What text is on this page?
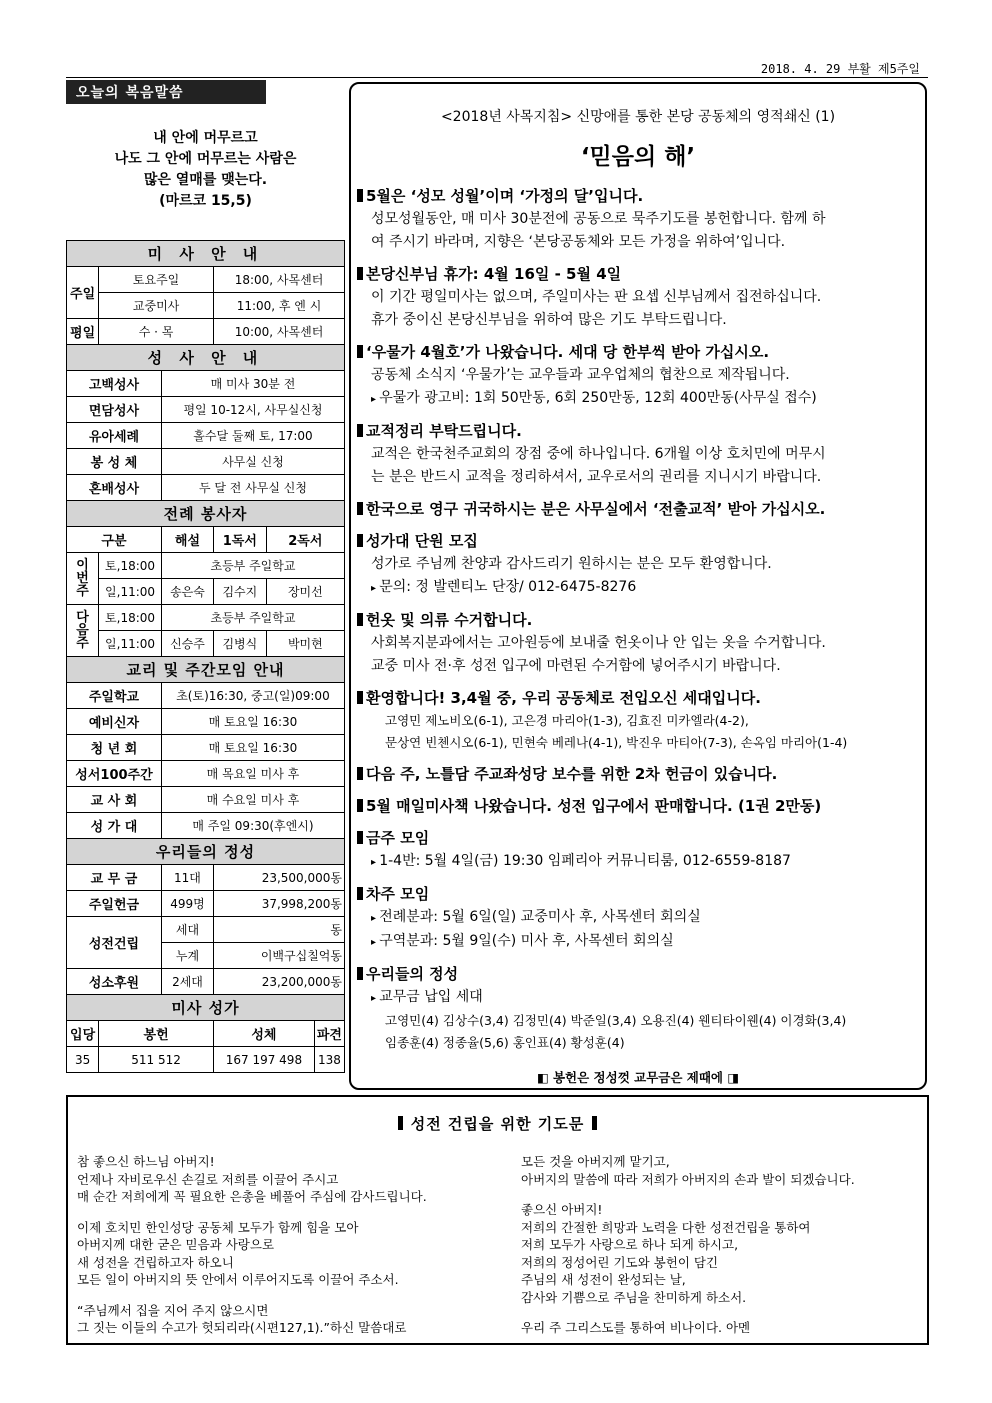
2018. 4. 29 부활 제5주일
오늘의 복음말씀
내 안에 머무르고
나도 그 안에 머무르는 사람은
많은 열매를 맺는다.
(마르코 15,5)
미 사 안 내					
주일	토요주일		18:00, 사목센터		
	교중미사		11:00, 후 엔 시		
평일	수 · 목		10:00, 사목센터		
성 사 안 내					
고백성사		매 미사 30분 전			
면담성사		평일 10-12시, 사무실신청			
유아세례		홀수달 둘째 토, 17:00			
봉 성 체		사무실 신청			
혼배성사		두 달 전 사무실 신청			
전례 봉사자					
구분		해설	1독서	2독서	

이
번
주	토,18:00	초등부 주일학교			
	일,11:00	송은숙	김수지	장미선	

다
음
주	토,18:00	초등부 주일학교			
	일,11:00	신승주	김병식	박미현	
교리 및 주간모임 안내					
주일학교		초(토)16:30, 중고(일)09:00			
예비신자		매 토요일 16:30			
청 년 회		매 토요일 16:30			
성서100주간		매 목요일 미사 후			
교 사 회		매 수요일 미사 후			
성 가 대		매 주일 09:30(후엔시)			
우리들의 정성					
교 무 금		11대	23,500,000동		
주일헌금		499명	37,998,200동		
성전건립		세대	동		
		누계	이백구십칠억동		
성소후원		2세대	23,200,000동		
미사 성가					
입당	봉헌		성체		파견
35	511 512		167 197 498		138
<2018년 사목지침> 신망애를 통한 본당 공동체의 영적쇄신 (1)
‘믿음의 해’
5월은 ‘성모 성월’이며 ‘가정의 달’입니다.
성모성월동안, 매 미사 30분전에 공동으로 묵주기도를 봉헌합니다. 함께 하
여 주시기 바라며, 지향은 ‘본당공동체와 모든 가정을 위하여’입니다.
본당신부님 휴가: 4월 16일 - 5월 4일
이 기간 평일미사는 없으며, 주일미사는 판 요셉 신부님께서 집전하십니다.
휴가 중이신 본당신부님을 위하여 많은 기도 부탁드립니다.
‘우물가 4월호’가 나왔습니다. 세대 당 한부씩 받아 가십시오.
공동체 소식지 ‘우물가’는 교우들과 교우업체의 협찬으로 제작됩니다.
▸ 우물가 광고비: 1회 50만동, 6회 250만동, 12회 400만동(사무실 접수)
교적정리 부탁드립니다.
교적은 한국천주교회의 장점 중에 하나입니다. 6개월 이상 호치민에 머무시
는 분은 반드시 교적을 정리하셔서, 교우로서의 권리를 지니시기 바랍니다.
한국으로 영구 귀국하시는 분은 사무실에서 ‘전출교적’ 받아 가십시오.
성가대 단원 모집
성가로 주님께 찬양과 감사드리기 원하시는 분은 모두 환영합니다.
▸ 문의: 정 발렌티노 단장/ 012-6475-8276
헌옷 및 의류 수거합니다.
사회복지분과에서는 고아원등에 보내줄 헌옷이나 안 입는 옷을 수거합니다.
교중 미사 전·후 성전 입구에 마련된 수거함에 넣어주시기 바랍니다.
환영합니다! 3,4월 중, 우리 공동체로 전입오신 세대입니다.
고영민 제노비오(6-1), 고은경 마리아(1-3), 김효진 미카엘라(4-2),
문상연 빈첸시오(6-1), 민현숙 베레나(4-1), 박진우 마티아(7-3), 손옥임 마리아(1-4)
다음 주, 노틀담 주교좌성당 보수를 위한 2차 헌금이 있습니다.
5월 매일미사책 나왔습니다. 성전 입구에서 판매합니다. (1권 2만동)
금주 모임
▸ 1-4반: 5월 4일(금) 19:30 임페리아 커뮤니티룸, 012-6559-8187
차주 모임
▸ 전례분과: 5월 6일(일) 교중미사 후, 사목센터 회의실
▸ 구역분과: 5월 9일(수) 미사 후, 사목센터 회의실
우리들의 정성
▸ 교무금 납입 세대
고영민(4) 김상수(3,4) 김정민(4) 박준일(3,4) 오용진(4) 웬티타이웬(4) 이경화(3,4)
임종훈(4) 정종율(5,6) 홍인표(4) 황성훈(4)
◧ 봉헌은 정성껏 교무금은 제때에 ◨
성전 건립을 위한 기도문
참 좋으신 하느님 아버지!
언제나 자비로우신 손길로 저희를 이끌어 주시고
매 순간 저희에게 꼭 필요한 은총을 베풀어 주심에 감사드립니다.
이제 호치민 한인성당 공동체 모두가 함께 힘을 모아
아버지께 대한 굳은 믿음과 사랑으로
새 성전을 건립하고자 하오니
모든 일이 아버지의 뜻 안에서 이루어지도록 이끌어 주소서.
“주님께서 집을 지어 주지 않으시면
그 짓는 이들의 수고가 헛되리라(시편127,1).”하신 말씀대로
모든 것을 아버지께 맡기고,
아버지의 말씀에 따라 저희가 아버지의 손과 발이 되겠습니다.
좋으신 아버지!
저희의 간절한 희망과 노력을 다한 성전건립을 통하여
저희 모두가 사랑으로 하나 되게 하시고,
저희의 정성어린 기도와 봉헌이 담긴
주님의 새 성전이 완성되는 날,
감사와 기쁨으로 주님을 찬미하게 하소서.
우리 주 그리스도를 통하여 비나이다. 아멘
